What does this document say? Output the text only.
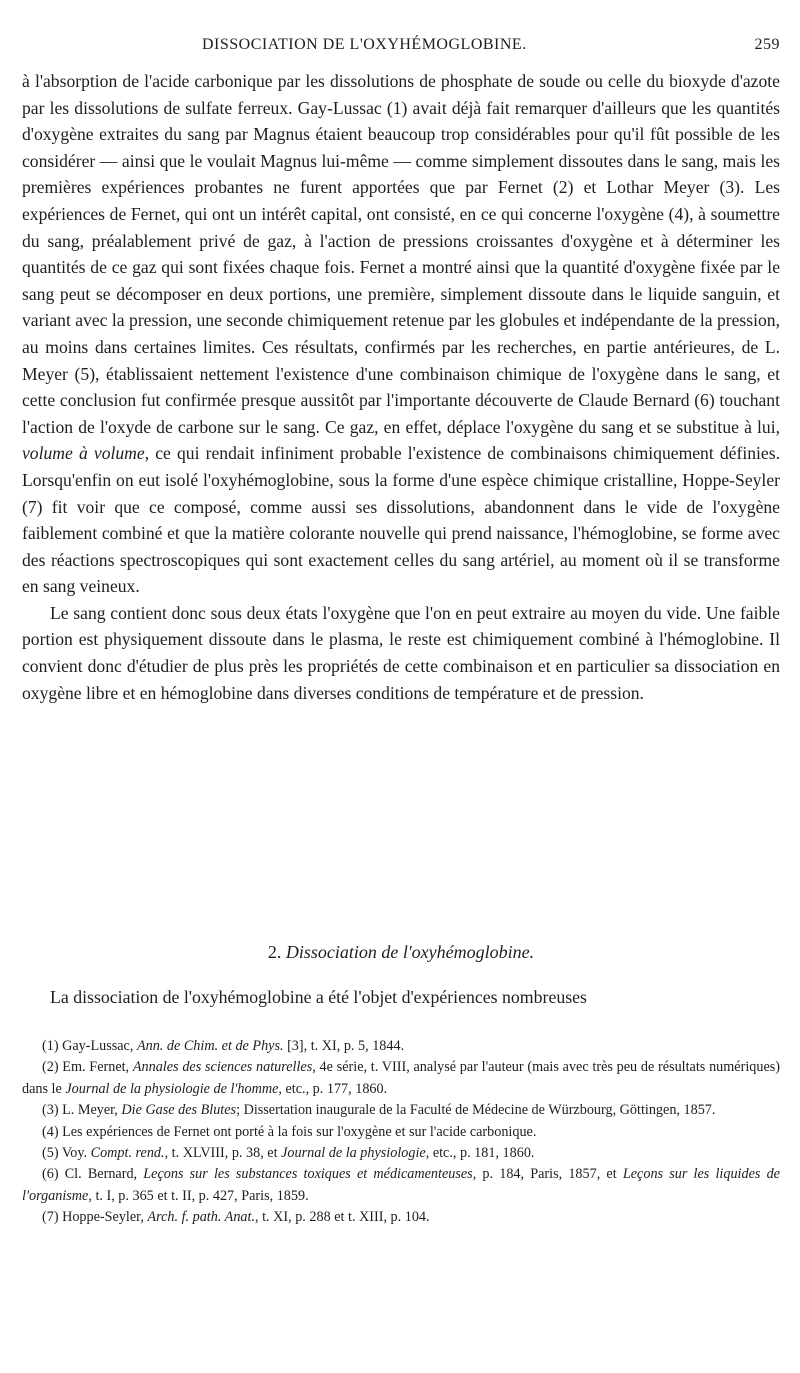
DISSOCIATION DE L'OXYHÉMOGLOBINE.	259

à l'absorption de l'acide carbonique par les dissolutions de phosphate de soude ou celle du bioxyde d'azote par les dissolutions de sulfate ferreux. Gay-Lussac (1) avait déjà fait remarquer d'ailleurs que les quantités d'oxygène extraites du sang par Magnus étaient beaucoup trop considérables pour qu'il fût possible de les considérer — ainsi que le voulait Magnus lui-même — comme simplement dissoutes dans le sang, mais les premières expériences probantes ne furent apportées que par Fernet (2) et Lothar Meyer (3). Les expériences de Fernet, qui ont un intérêt capital, ont consisté, en ce qui concerne l'oxygène (4), à soumettre du sang, préalablement privé de gaz, à l'action de pressions croissantes d'oxygène et à déterminer les quantités de ce gaz qui sont fixées chaque fois. Fernet a montré ainsi que la quantité d'oxygène fixée par le sang peut se décomposer en deux portions, une première, simplement dissoute dans le liquide sanguin, et variant avec la pression, une seconde chimiquement retenue par les globules et indépendante de la pression, au moins dans certaines limites. Ces résultats, confirmés par les recherches, en partie antérieures, de L. Meyer (5), établissaient nettement l'existence d'une combinaison chimique de l'oxygène dans le sang, et cette conclusion fut confirmée presque aussitôt par l'importante découverte de Claude Bernard (6) touchant l'action de l'oxyde de carbone sur le sang. Ce gaz, en effet, déplace l'oxygène du sang et se substitue à lui, volume à volume, ce qui rendait infiniment probable l'existence de combinaisons chimiquement définies. Lorsqu'enfin on eut isolé l'oxyhémoglobine, sous la forme d'une espèce chimique cristalline, Hoppe-Seyler (7) fit voir que ce composé, comme aussi ses dissolutions, abandonnent dans le vide de l'oxygène faiblement combiné et que la matière colorante nouvelle qui prend naissance, l'hémoglobine, se forme avec des réactions spectroscopiques qui sont exactement celles du sang artériel, au moment où il se transforme en sang veineux.

Le sang contient donc sous deux états l'oxygène que l'on en peut extraire au moyen du vide. Une faible portion est physiquement dissoute dans le plasma, le reste est chimiquement combiné à l'hémoglobine. Il convient donc d'étudier de plus près les propriétés de cette combinaison et en particulier sa dissociation en oxygène libre et en hémoglobine dans diverses conditions de température et de pression.

2. Dissociation de l'oxyhémoglobine.
La dissociation de l'oxyhémoglobine a été l'objet d'expériences nombreuses

(1) Gay-Lussac, Ann. de Chim. et de Phys. [3], t. XI, p. 5, 1844.

(2) Em. Fernet, Annales des sciences naturelles, 4e série, t. VIII, analysé par l'auteur (mais avec très peu de résultats numériques) dans le Journal de la physiologie de l'homme, etc., p. 177, 1860.

(3) L. Meyer, Die Gase des Blutes; Dissertation inaugurale de la Faculté de Médecine de Würzbourg, Göttingen, 1857.

(4) Les expériences de Fernet ont porté à la fois sur l'oxygène et sur l'acide carbonique.

(5) Voy. Compt. rend., t. XLVIII, p. 38, et Journal de la physiologie, etc., p. 181, 1860.

(6) Cl. Bernard, Leçons sur les substances toxiques et médicamenteuses, p. 184, Paris, 1857, et Leçons sur les liquides de l'organisme, t. I, p. 365 et t. II, p. 427, Paris, 1859.

(7) Hoppe-Seyler, Arch. f. path. Anat., t. XI, p. 288 et t. XIII, p. 104.
